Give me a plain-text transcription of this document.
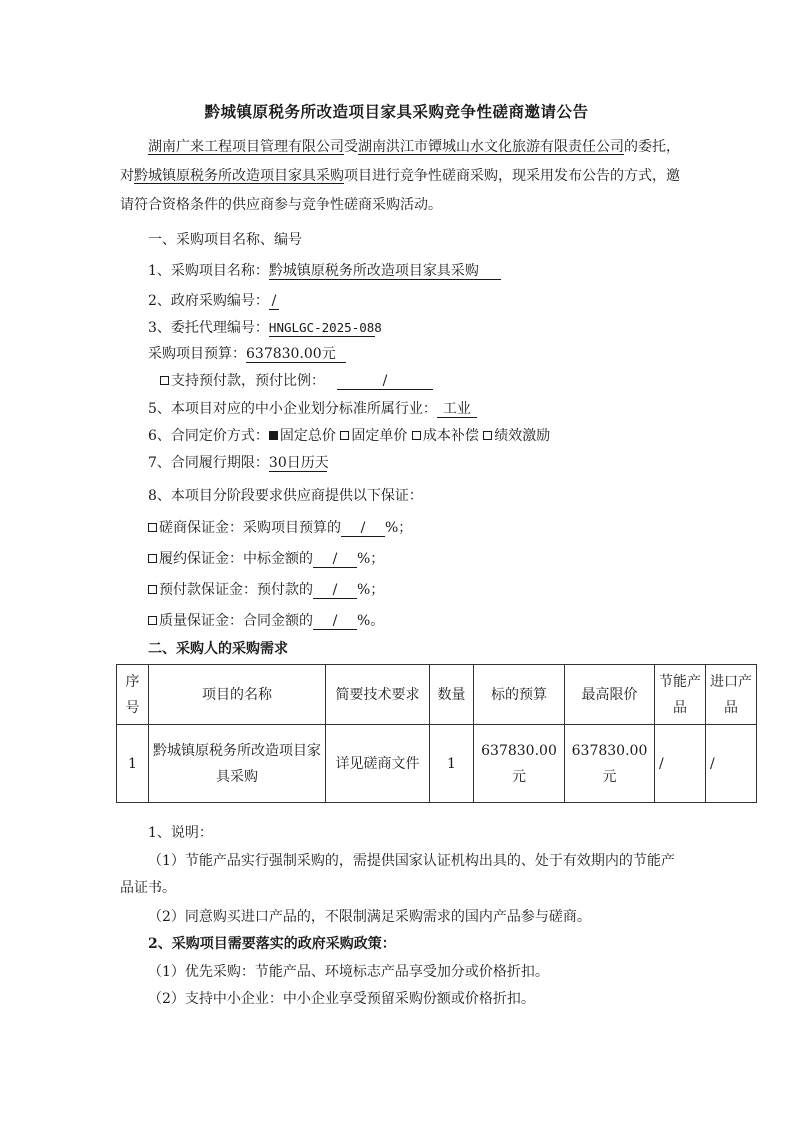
黔城镇原税务所改造项目家具采购竞争性磋商邀请公告
湖南广来工程项目管理有限公司受湖南洪江市镡城山水文化旅游有限责任公司的委托，
对黔城镇原税务所改造项目家具采购项目进行竞争性磋商采购，现采用发布公告的方式，邀
请符合资格条件的供应商参与竞争性磋商采购活动。
一、采购项目名称、编号
1、采购项目名称：黔城镇原税务所改造项目家具采购
2、政府采购编号： /
3、委托代理编号：HNGLGC-2025-088
采购项目预算：637830.00元
支持预付款，预付比例：	/
5、本项目对应的中小企业划分标准所属行业： 工业
6、合同定价方式： 固定总价 固定单价 成本补偿 绩效激励
7、合同履行期限：30日历天
8、本项目分阶段要求供应商提供以下保证：
磋商保证金：采购项目预算的 / %；
履约保证金：中标金额的 / %；
预付款保证金：预付款的 / %；
质量保证金：合同金额的 / %。
二、采购人的采购需求
序号	项目的名称	简要技术要求	数量	标的预算	最高限价	节能产品	进口产品
1	黔城镇原税务所改造项目家具采购	详见磋商文件	1	637830.00元	637830.00元	/	/
1、说明：
（1）节能产品实行强制采购的，需提供国家认证机构出具的、处于有效期内的节能产
品证书。
（2）同意购买进口产品的，不限制满足采购需求的国内产品参与磋商。
2、采购项目需要落实的政府采购政策：
（1）优先采购：节能产品、环境标志产品享受加分或价格折扣。
（2）支持中小企业：中小企业享受预留采购份额或价格折扣。
